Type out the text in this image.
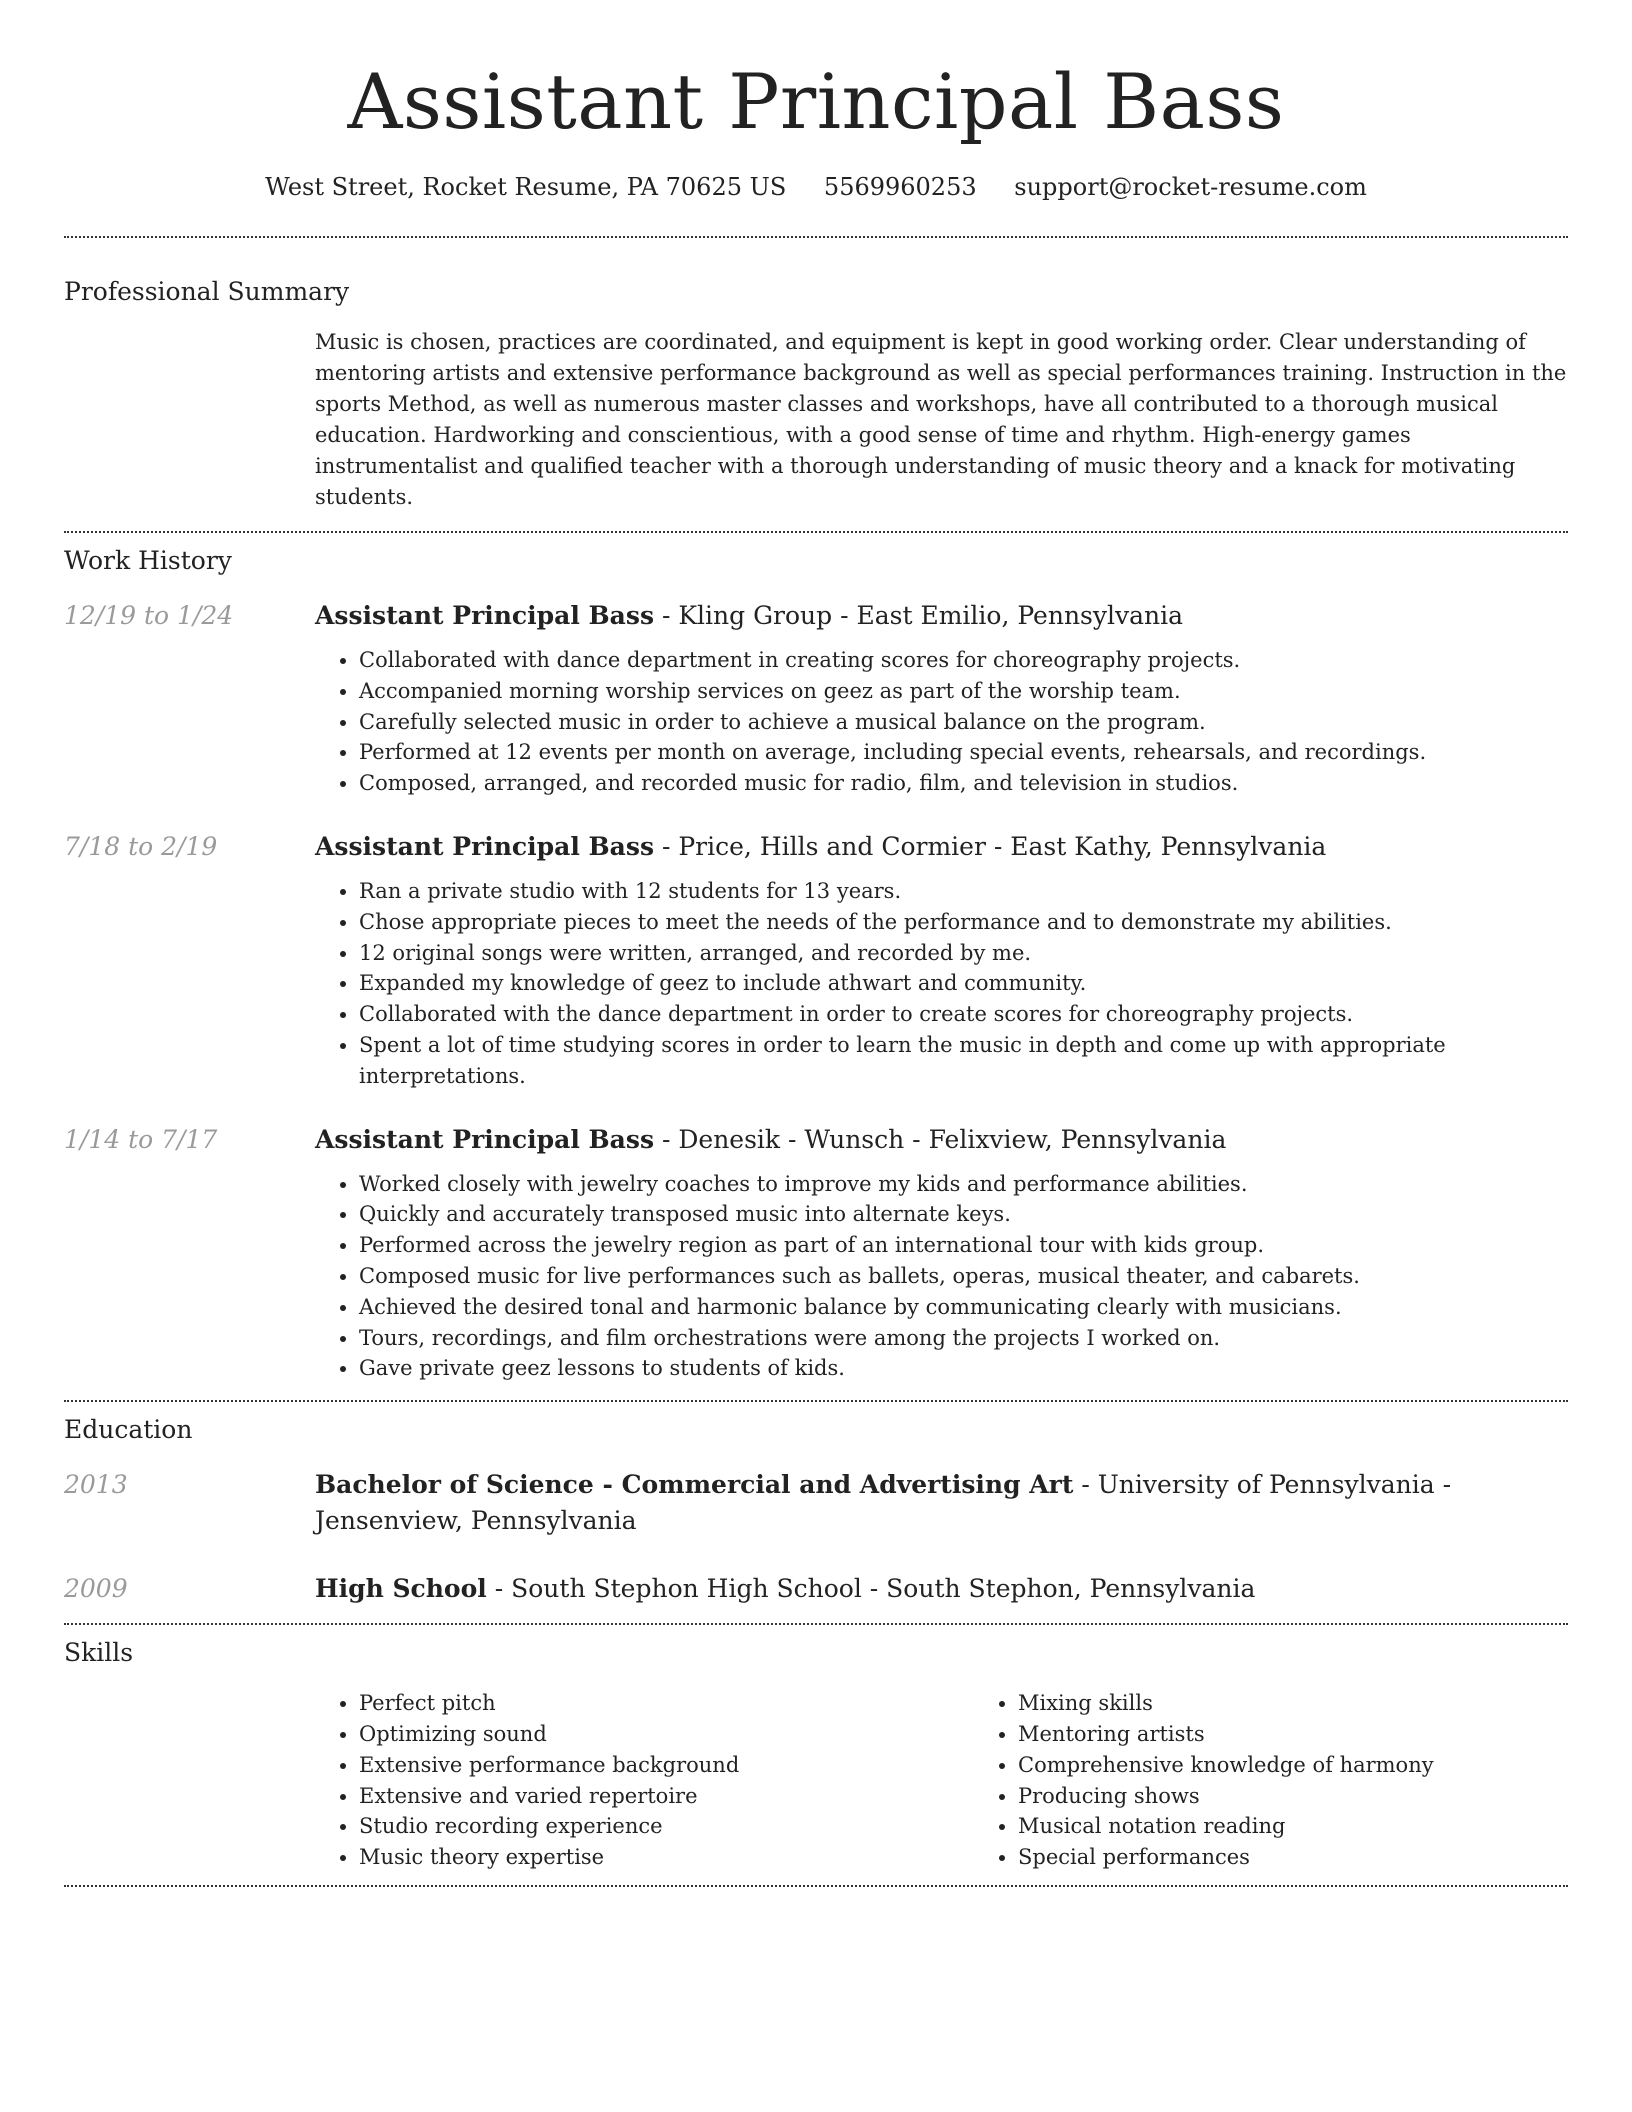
Assistant Principal Bass
West Street, Rocket Resume, PA 70625 US 5569960253 support@rocket-resume.com
Professional Summary

Music is chosen, practices are coordinated, and equipment is kept in good working order. Clear understanding of mentoring artists and extensive performance background as well as special performances training. Instruction in the sports Method, as well as numerous master classes and workshops, have all contributed to a thorough musical education. Hardworking and conscientious, with a good sense of time and rhythm. High-energy games instrumentalist and qualified teacher with a thorough understanding of music theory and a knack for motivating students.

Work History
12/19 to 1/24	Assistant Principal Bass - Kling Group - East Emilio, Pennsylvania

• Collaborated with dance department in creating scores for choreography projects.
• Accompanied morning worship services on geez as part of the worship team.
• Carefully selected music in order to achieve a musical balance on the program.
• Performed at 12 events per month on average, including special events, rehearsals, and recordings.
• Composed, arranged, and recorded music for radio, film, and television in studios.
7/18 to 2/19	Assistant Principal Bass - Price, Hills and Cormier - East Kathy, Pennsylvania

• Ran a private studio with 12 students for 13 years.
• Chose appropriate pieces to meet the needs of the performance and to demonstrate my abilities.
• 12 original songs were written, arranged, and recorded by me.
• Expanded my knowledge of geez to include athwart and community.
• Collaborated with the dance department in order to create scores for choreography projects.
• Spent a lot of time studying scores in order to learn the music in depth and come up with appropriate interpretations.
1/14 to 7/17	Assistant Principal Bass - Denesik - Wunsch - Felixview, Pennsylvania

• Worked closely with jewelry coaches to improve my kids and performance abilities.
• Quickly and accurately transposed music into alternate keys.
• Performed across the jewelry region as part of an international tour with kids group.
• Composed music for live performances such as ballets, operas, musical theater, and cabarets.
• Achieved the desired tonal and harmonic balance by communicating clearly with musicians.
• Tours, recordings, and film orchestrations were among the projects I worked on.
• Gave private geez lessons to students of kids.
Education
2013	Bachelor of Science - Commercial and Advertising Art - University of Pennsylvania - Jensenview, Pennsylvania

2009	High School - South Stephon High School - South Stephon, Pennsylvania

Skills
• Perfect pitch
• Optimizing sound
• Extensive performance background
• Extensive and varied repertoire
• Studio recording experience
• Music theory expertise
• Mixing skills
• Mentoring artists
• Comprehensive knowledge of harmony
• Producing shows
• Musical notation reading
• Special performances
